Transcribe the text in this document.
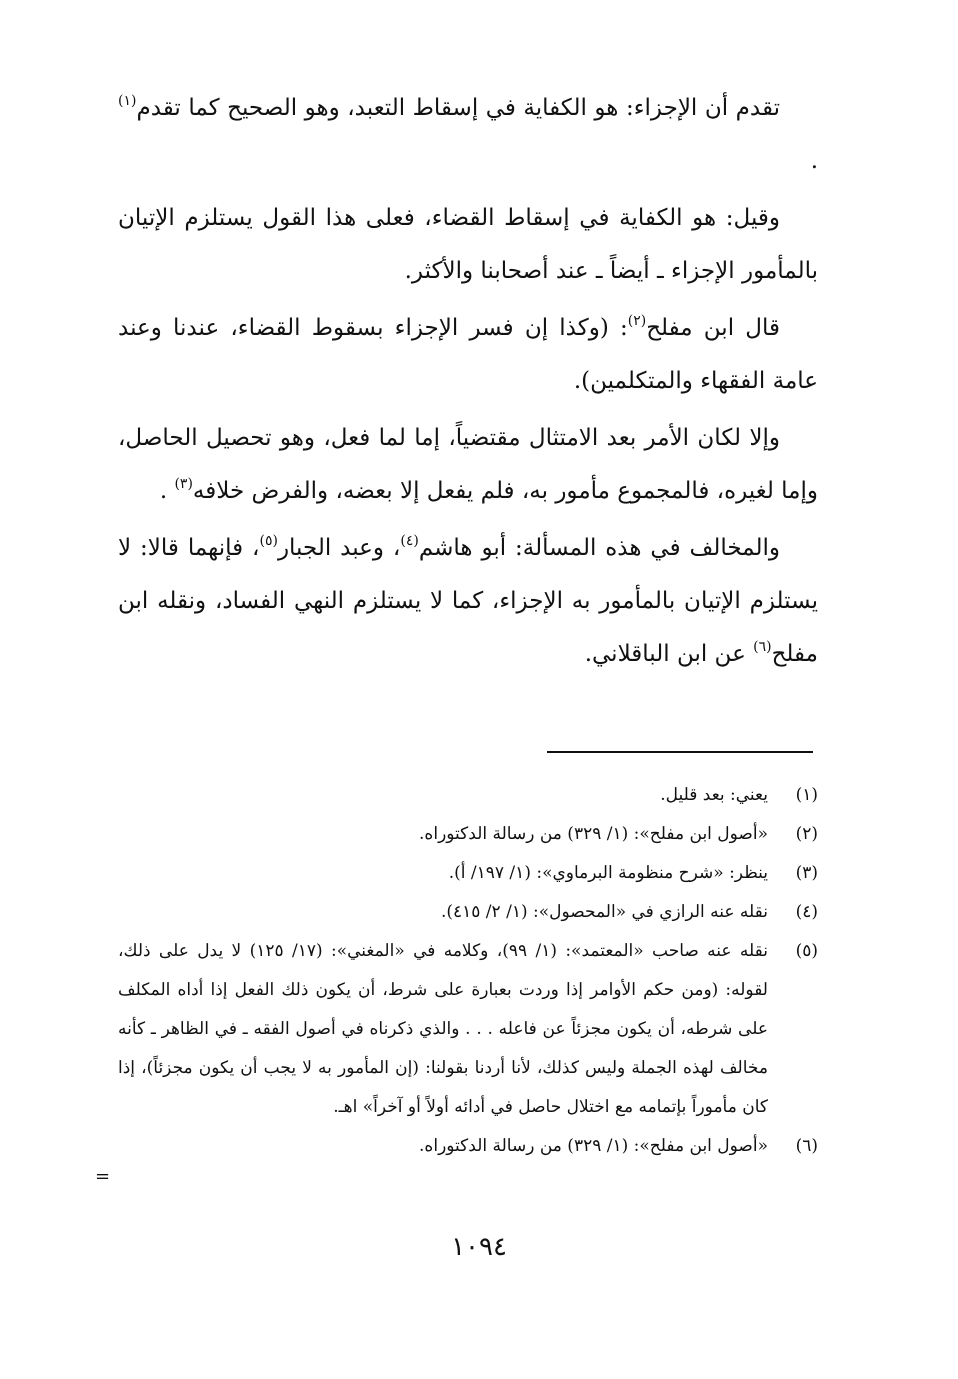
تقدم أن الإجزاء: هو الكفاية في إسقاط التعبد، وهو الصحيح كما تقدم$^{(١)}$ .

وقيل: هو الكفاية في إسقاط القضاء، فعلى هذا القول يستلزم الإتيان بالمأمور الإجزاء ـ أيضاً ـ عند أصحابنا والأكثر.

قال ابن مفلح$^{(٢)}$: (وكذا إن فسر الإجزاء بسقوط القضاء، عندنا وعند عامة الفقهاء والمتكلمين).

وإلا لكان الأمر بعد الامتثال مقتضياً، إما لما فعل، وهو تحصيل الحاصل، وإما لغيره، فالمجموع مأمور به، فلم يفعل إلا بعضه، والفرض خلافه$^{(٣)}$ .

والمخالف في هذه المسألة: أبو هاشم$^{(٤)}$، وعبد الجبار$^{(٥)}$، فإنهما قالا: لا يستلزم الإتيان بالمأمور به الإجزاء، كما لا يستلزم النهي الفساد، ونقله ابن مفلح$^{(٦)}$ عن ابن الباقلاني.

(١)
يعني: بعد قليل.
(٢)
«أصول ابن مفلح»: (١/ ٣٢٩) من رسالة الدكتوراه.
(٣)
ينظر: «شرح منظومة البرماوي»: (١/ ١٩٧/ أ).
(٤)
نقله عنه الرازي في «المحصول»: (١/ ٢/ ٤١٥).
(٥)
نقله عنه صاحب «المعتمد»: (١/ ٩٩)، وكلامه في «المغني»: (١٧/ ١٢٥) لا يدل على ذلك، لقوله: (ومن حكم الأوامر إذا وردت بعبارة على شرط، أن يكون ذلك الفعل إذا أداه المكلف على شرطه، أن يكون مجزئاً عن فاعله . . . والذي ذكرناه في أصول الفقه ـ في الظاهر ـ كأنه مخالف لهذه الجملة وليس كذلك، لأنا أردنا بقولنا: (إن المأمور به لا يجب أن يكون مجزئاً)، إذا كان مأموراً بإتمامه مع اختلال حاصل في أدائه أولاً أو آخراً» اهـ.
(٦)
«أصول ابن مفلح»: (١/ ٣٢٩) من رسالة الدكتوراه.
=
١٠٩٤
